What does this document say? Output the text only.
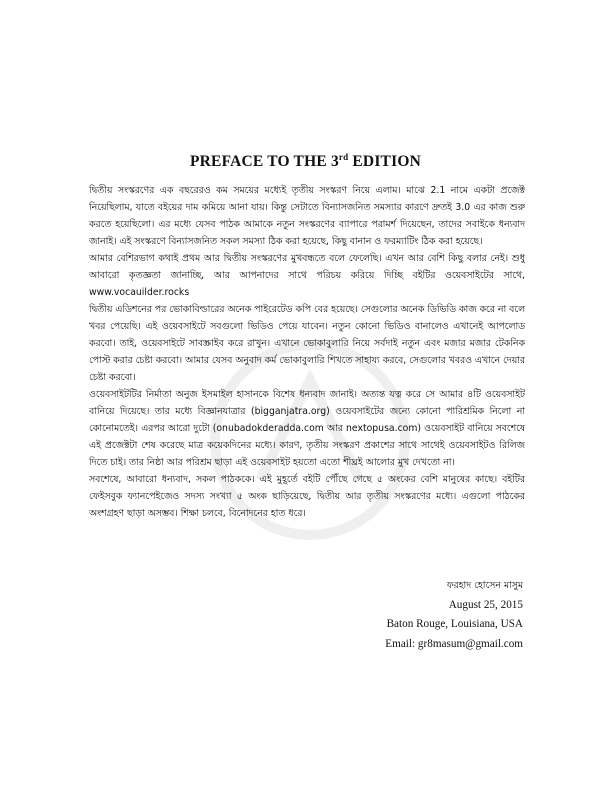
PREFACE TO THE 3rd EDITION

দ্বিতীয় সংস্করণের এক বছরেরও কম সময়ের মধ্যেই তৃতীয় সংস্করণ নিয়ে এলাম। মাঝে 2.1 নামে একটা প্রজেক্ট নিয়েছিলাম, যাতে বইয়ের দাম কমিয়ে আনা যায়। কিন্তু সেটাতে বিন্যাসজনিত সমস্যার কারণে দ্রুতই 3.0 এর কাজ শুরু করতে হয়েছিলো। এর মধ্যে যেসব পাঠক আমাকে নতুন সংস্করণের ব্যাপারে পরামর্শ দিয়েছেন, তাদের সবাইকে ধন্যবাদ জানাই। এই সংস্করণে বিন্যাসজনিত সকল সমস্যা ঠিক করা হয়েছে, কিছু বানান ও ফরম্যাটিং ঠিক করা হয়েছে।

আমার বেশিরভাগ কথাই প্রথম আর দ্বিতীয় সংস্করণের মুখবন্ধতে বলে ফেলেছি। এখন আর বেশি কিছু বলার নেই। শুধু আবারো কৃতজ্ঞতা জানাচ্ছি, আর আপনাদের সাথে পরিচয় করিয়ে দিচ্ছি বইটির ওয়েবসাইটের সাথে, www.vocauilder.rocks

দ্বিতীয় এডিশনের পর ভোকাবিল্ডারের অনেক পাইরেটেড কপি বের হয়েছে। সেগুলোর অনেক ডিভিডি কাজ করে না বলে খবর পেয়েছি। এই ওয়েবসাইটে সবগুলো ভিডিও পেয়ে যাবেন। নতুন কোনো ভিডিও বানালেও এখানেই আপলোড করবো। তাই, ওয়েবসাইটে সাবস্ক্রাইব করে রাখুন। এখানে ভোকাবুলারি নিয়ে সর্বদাই নতুন এবং মজার মজার টেকনিক পোস্ট করার চেষ্টা করবো। আমার যেসব অনুবাদ কর্ম ভোকাবুলারি শিখতে সাহায্য করবে, সেগুলোর খবরও এখানে দেয়ার চেষ্টা করবো।

ওয়েবসাইটটির নির্মাতা অনুজ ইসমাইল হাসানকে বিশেষ ধন্যবাদ জানাই। অত্যন্ত যত্ন করে সে আমার ৪টি ওয়েবসাইট বানিয়ে দিয়েছে। তার মধ্যে বিজ্ঞানযাত্রার (bigganjatra.org) ওয়েবসাইটের জন্যে কোনো পারিশ্রমিক নিলো না কোনোমতেই। এরপর আরো দুটো (onubadokderadda.com আর nextopusa.com) ওয়েবসাইট বানিয়ে সবশেষে এই প্রজেক্টটা শেষ করেছে মাত্র কয়েকদিনের মধ্যে। কারণ, তৃতীয় সংস্করণ প্রকাশের সাথে সাথেই ওয়েবসাইটও রিলিজ দিতে চাই। তার নিষ্ঠা আর পরিশ্রম ছাড়া এই ওয়েবসাইট হয়তো এতো শীঘ্রই আলোর মুখ দেখতো না।

সবশেষে, আবারো ধন্যবাদ, সকল পাঠককে। এই মুহূর্তে বইটি পৌঁছে গেছে ৫ অংকের বেশি মানুষের কাছে। বইটির ফেইসবুক ফ্যানপেইজেও সদস্য সংখ্যা ৫ অংক ছাড়িয়েছে, দ্বিতীয় আর তৃতীয় সংস্করণের মধ্যে। এগুলো পাঠকের অংশগ্রহণ ছাড়া অসম্ভব। শিক্ষা চলবে, বিনোদনের হাত ধরে।

ফরহাদ হোসেন মাসুম
August 25, 2015
Baton Rouge, Louisiana, USA
Email: gr8masum@gmail.com
